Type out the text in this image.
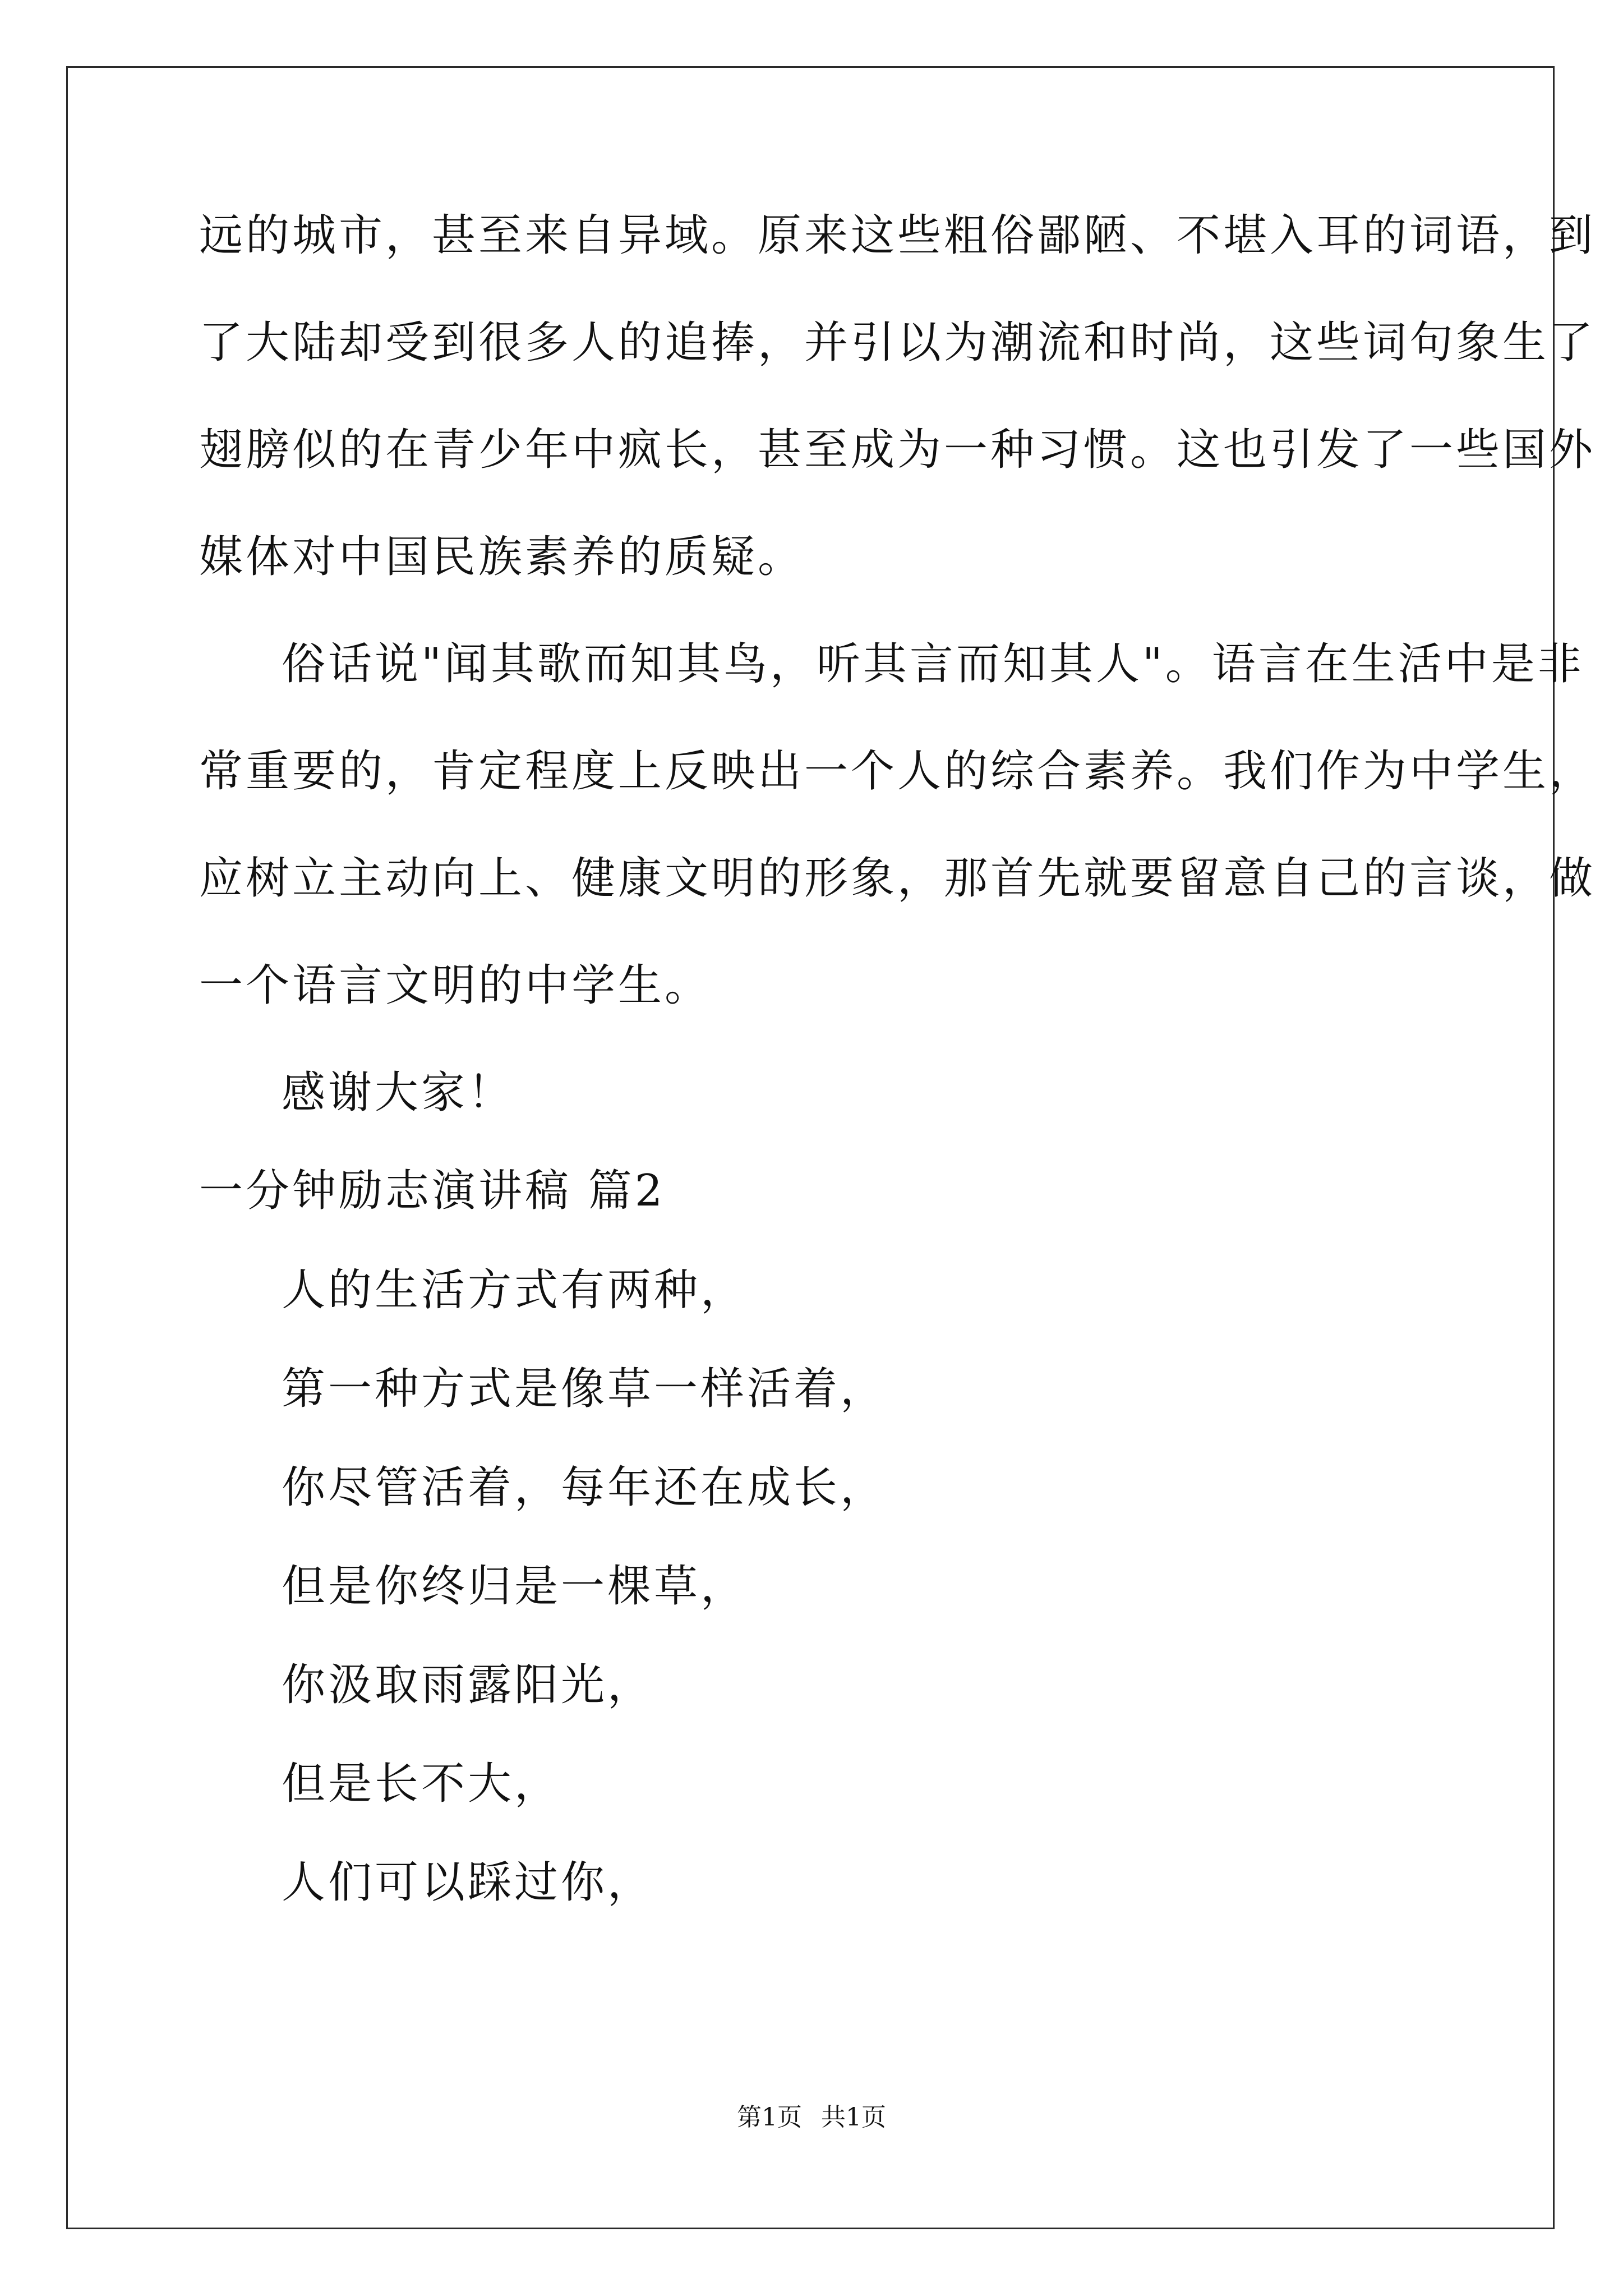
远的城市，甚至来自异域。原来这些粗俗鄙陋、不堪入耳的词语，到
了大陆却受到很多人的追捧，并引以为潮流和时尚，这些词句象生了
翅膀似的在青少年中疯长，甚至成为一种习惯。这也引发了一些国外
媒体对中国民族素养的质疑。
俗话说"闻其歌而知其鸟，听其言而知其人"。语言在生活中是非
常重要的，肯定程度上反映出一个人的综合素养。我们作为中学生，
应树立主动向上、健康文明的形象，那首先就要留意自己的言谈，做
一个语言文明的中学生。
感谢大家！
一分钟励志演讲稿 篇2
人的生活方式有两种，
第一种方式是像草一样活着，
你尽管活着，每年还在成长，
但是你终归是一棵草，
你汲取雨露阳光，
但是长不大，
人们可以踩过你，
第1页 共1页
